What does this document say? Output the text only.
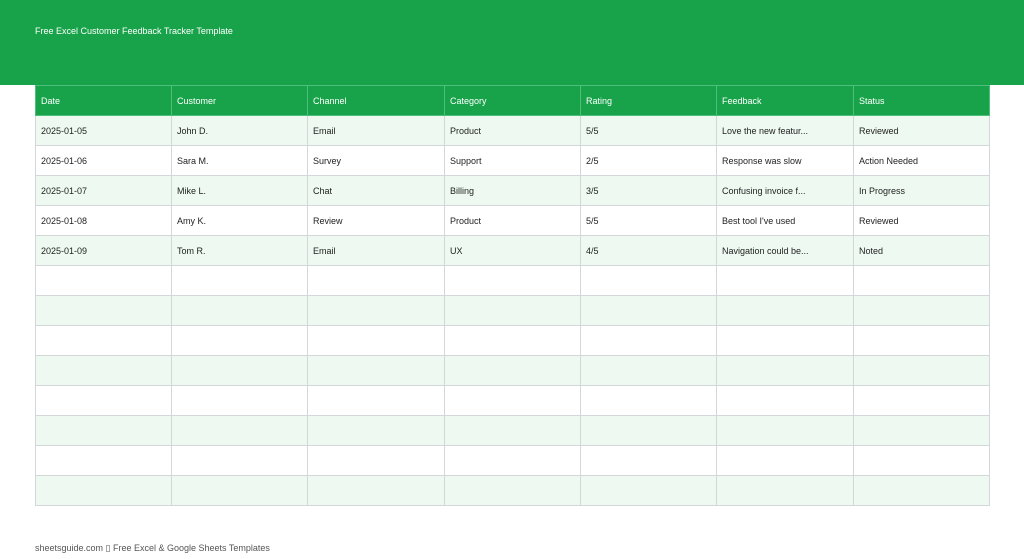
Free Excel Customer Feedback Tracker Template
Date	Customer	Channel	Category	Rating	Feedback	Status
2025-01-05	John D.	Email	Product	5/5	Love the new featur...	Reviewed
2025-01-06	Sara M.	Survey	Support	2/5	Response was slow	Action Needed
2025-01-07	Mike L.	Chat	Billing	3/5	Confusing invoice f...	In Progress
2025-01-08	Amy K.	Review	Product	5/5	Best tool I've used	Reviewed
2025-01-09	Tom R.	Email	UX	4/5	Navigation could be...	Noted

sheetsguide.com ▯ Free Excel & Google Sheets Templates
